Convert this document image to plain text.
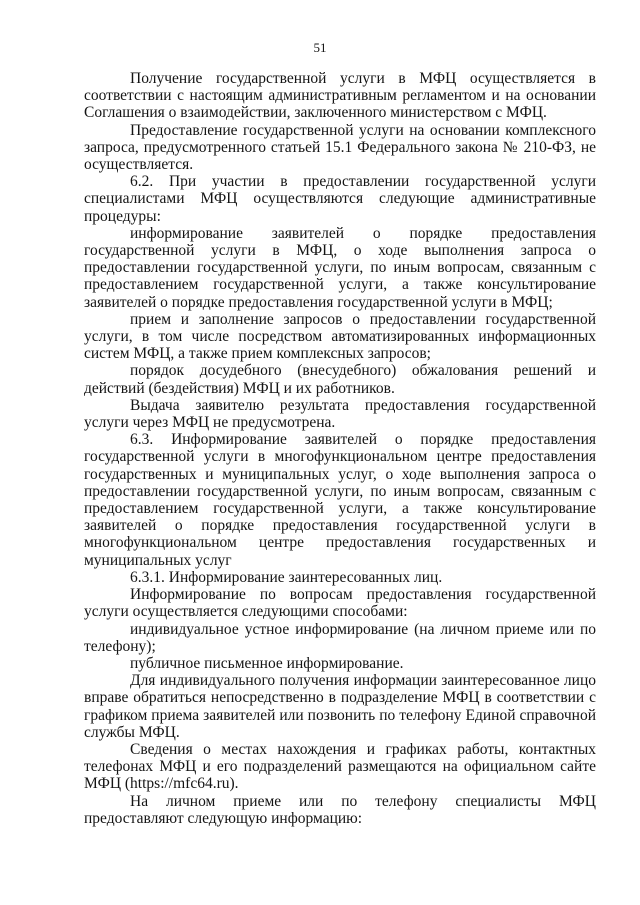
51

Получение государственной услуги в МФЦ осуществляется в соответствии с настоящим административным регламентом и на основании Соглашения о взаимодействии, заключенного министерством с МФЦ.

Предоставление государственной услуги на основании комплексного запроса, предусмотренного статьей 15.1 Федерального закона № 210-ФЗ, не осуществляется.

6.2. При участии в предоставлении государственной услуги специалистами МФЦ осуществляются следующие административные процедуры:

информирование заявителей о порядке предоставления государственной услуги в МФЦ, о ходе выполнения запроса о предоставлении государственной услуги, по иным вопросам, связанным с предоставлением государственной услуги, а также консультирование заявителей о порядке предоставления государственной услуги в МФЦ;

прием и заполнение запросов о предоставлении государственной услуги, в том числе посредством автоматизированных информационных систем МФЦ, а также прием комплексных запросов;

порядок досудебного (внесудебного) обжалования решений и действий (бездействия) МФЦ и их работников.

Выдача заявителю результата предоставления государственной услуги через МФЦ не предусмотрена.

6.3. Информирование заявителей о порядке предоставления государственной услуги в многофункциональном центре предоставления государственных и муниципальных услуг, о ходе выполнения запроса о предоставлении государственной услуги, по иным вопросам, связанным с предоставлением государственной услуги, а также консультирование заявителей о порядке предоставления государственной услуги в многофункциональном центре предоставления государственных и муниципальных услуг

6.3.1. Информирование заинтересованных лиц.

Информирование по вопросам предоставления государственной услуги осуществляется следующими способами:

индивидуальное устное информирование (на личном приеме или по телефону);

публичное письменное информирование.

Для индивидуального получения информации заинтересованное лицо вправе обратиться непосредственно в подразделение МФЦ в соответствии с графиком приема заявителей или позвонить по телефону Единой справочной службы МФЦ.

Сведения о местах нахождения и графиках работы, контактных телефонах МФЦ и его подразделений размещаются на официальном сайте МФЦ (https://mfc64.ru).

На личном приеме или по телефону специалисты МФЦ предоставляют следующую информацию:
